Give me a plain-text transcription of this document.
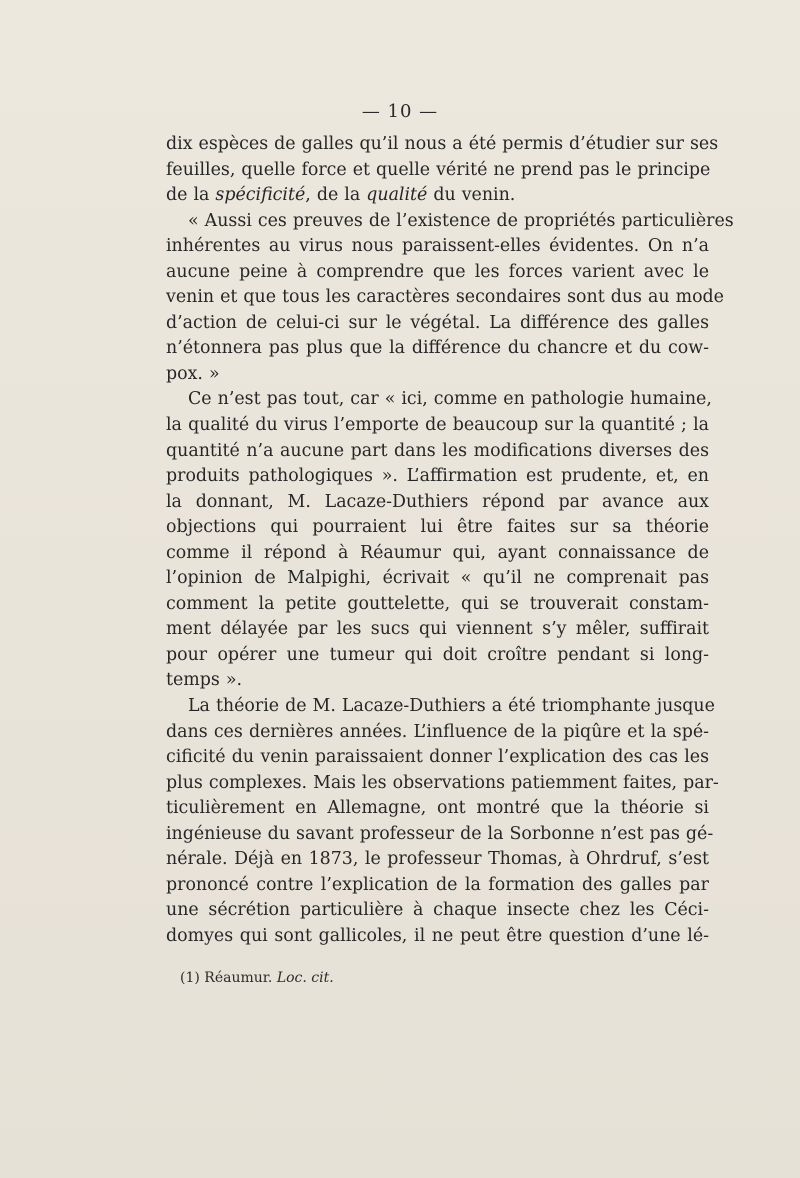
— 10 —
dix espèces de galles qu’il nous a été permis d’étudier sur ses
feuilles, quelle force et quelle vérité ne prend pas le principe
de la spécificité, de la qualité du venin.
« Aussi ces preuves de l’existence de propriétés particulières
inhérentes au virus nous paraissent-elles évidentes. On n’a
aucune peine à comprendre que les forces varient avec le
venin et que tous les caractères secondaires sont dus au mode
d’action de celui-ci sur le végétal. La différence des galles
n’étonnera pas plus que la différence du chancre et du cow-
pox. »
Ce n’est pas tout, car « ici, comme en pathologie humaine,
la qualité du virus l’emporte de beaucoup sur la quantité ; la
quantité n’a aucune part dans les modifications diverses des
produits pathologiques ». L’affirmation est prudente, et, en
la donnant, M. Lacaze-Duthiers répond par avance aux
objections qui pourraient lui être faites sur sa théorie
comme il répond à Réaumur qui, ayant connaissance de
l’opinion de Malpighi, écrivait « qu’il ne comprenait pas
comment la petite gouttelette, qui se trouverait constam-
ment délayée par les sucs qui viennent s’y mêler, suffirait
pour opérer une tumeur qui doit croître pendant si long-
temps ».
La théorie de M. Lacaze-Duthiers a été triomphante jusque
dans ces dernières années. L’influence de la piqûre et la spé-
cificité du venin paraissaient donner l’explication des cas les
plus complexes. Mais les observations patiemment faites, par-
ticulièrement en Allemagne, ont montré que la théorie si
ingénieuse du savant professeur de la Sorbonne n’est pas gé-
nérale. Déjà en 1873, le professeur Thomas, à Ohrdruf, s’est
prononcé contre l’explication de la formation des galles par
une sécrétion particulière à chaque insecte chez les Céci-
domyes qui sont gallicoles, il ne peut être question d’une lé-
(1) Réaumur. Loc. cit.
